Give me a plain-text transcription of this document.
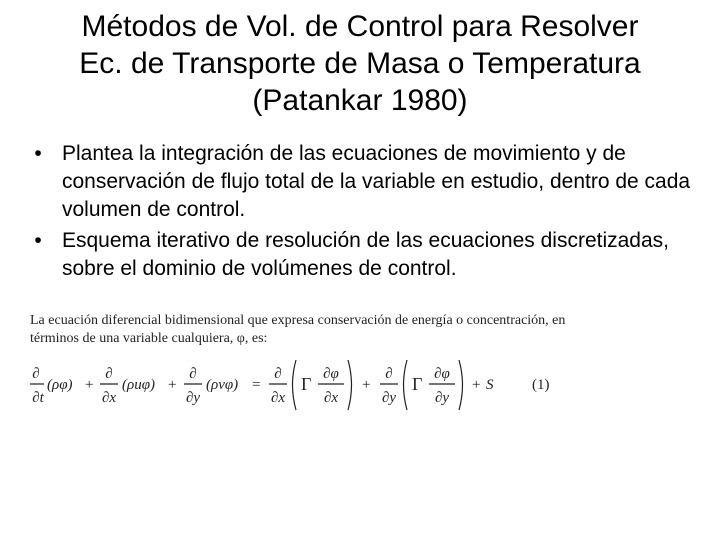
Métodos de Vol. de Control para Resolver
Ec. de Transporte de Masa o Temperatura
(Patankar 1980)
• Plantea la integración de las ecuaciones de movimiento y de conservación de flujo total de la variable en estudio, dentro de cada volumen de control.
• Esquema iterativo de resolución de las ecuaciones discretizadas, sobre el dominio de volúmenes de control.
La ecuación diferencial bidimensional que expresa conservación de energía o concentración, en
términos de una variable cualquiera, φ, es:
∂
∂t
(ρφ) +
∂
∂x
(ρuφ) +
∂
∂y
(ρvφ) =
∂
∂x
Γ ∂φ
∂x
+
∂
∂y
Γ ∂φ
∂y
+ S	(1)
